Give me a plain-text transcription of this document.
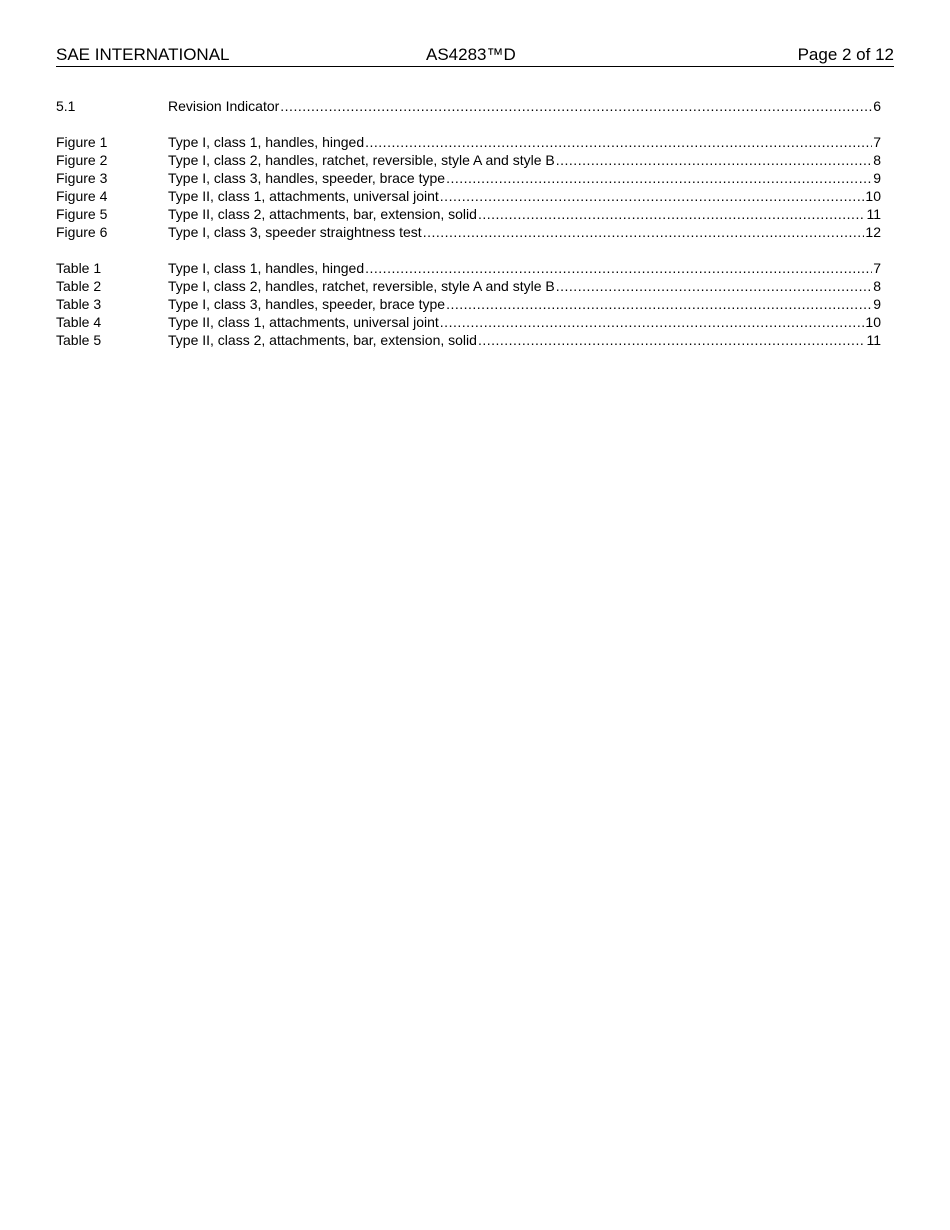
SAE INTERNATIONAL	AS4283™D	Page 2 of 12
5.1	Revision Indicator .....	6
Figure 1	Type I, class 1, handles, hinged .....	7
Figure 2	Type I, class 2, handles, ratchet, reversible, style A and style B .....	8
Figure 3	Type I, class 3, handles, speeder, brace type .....	9
Figure 4	Type II, class 1, attachments, universal joint .....	10
Figure 5	Type II, class 2, attachments, bar, extension, solid .....	11
Figure 6	Type I, class 3, speeder straightness test .....	12
Table 1	Type I, class 1, handles, hinged .....	7
Table 2	Type I, class 2, handles, ratchet, reversible, style A and style B .....	8
Table 3	Type I, class 3, handles, speeder, brace type .....	9
Table 4	Type II, class 1, attachments, universal joint .....	10
Table 5	Type II, class 2, attachments, bar, extension, solid .....	11
